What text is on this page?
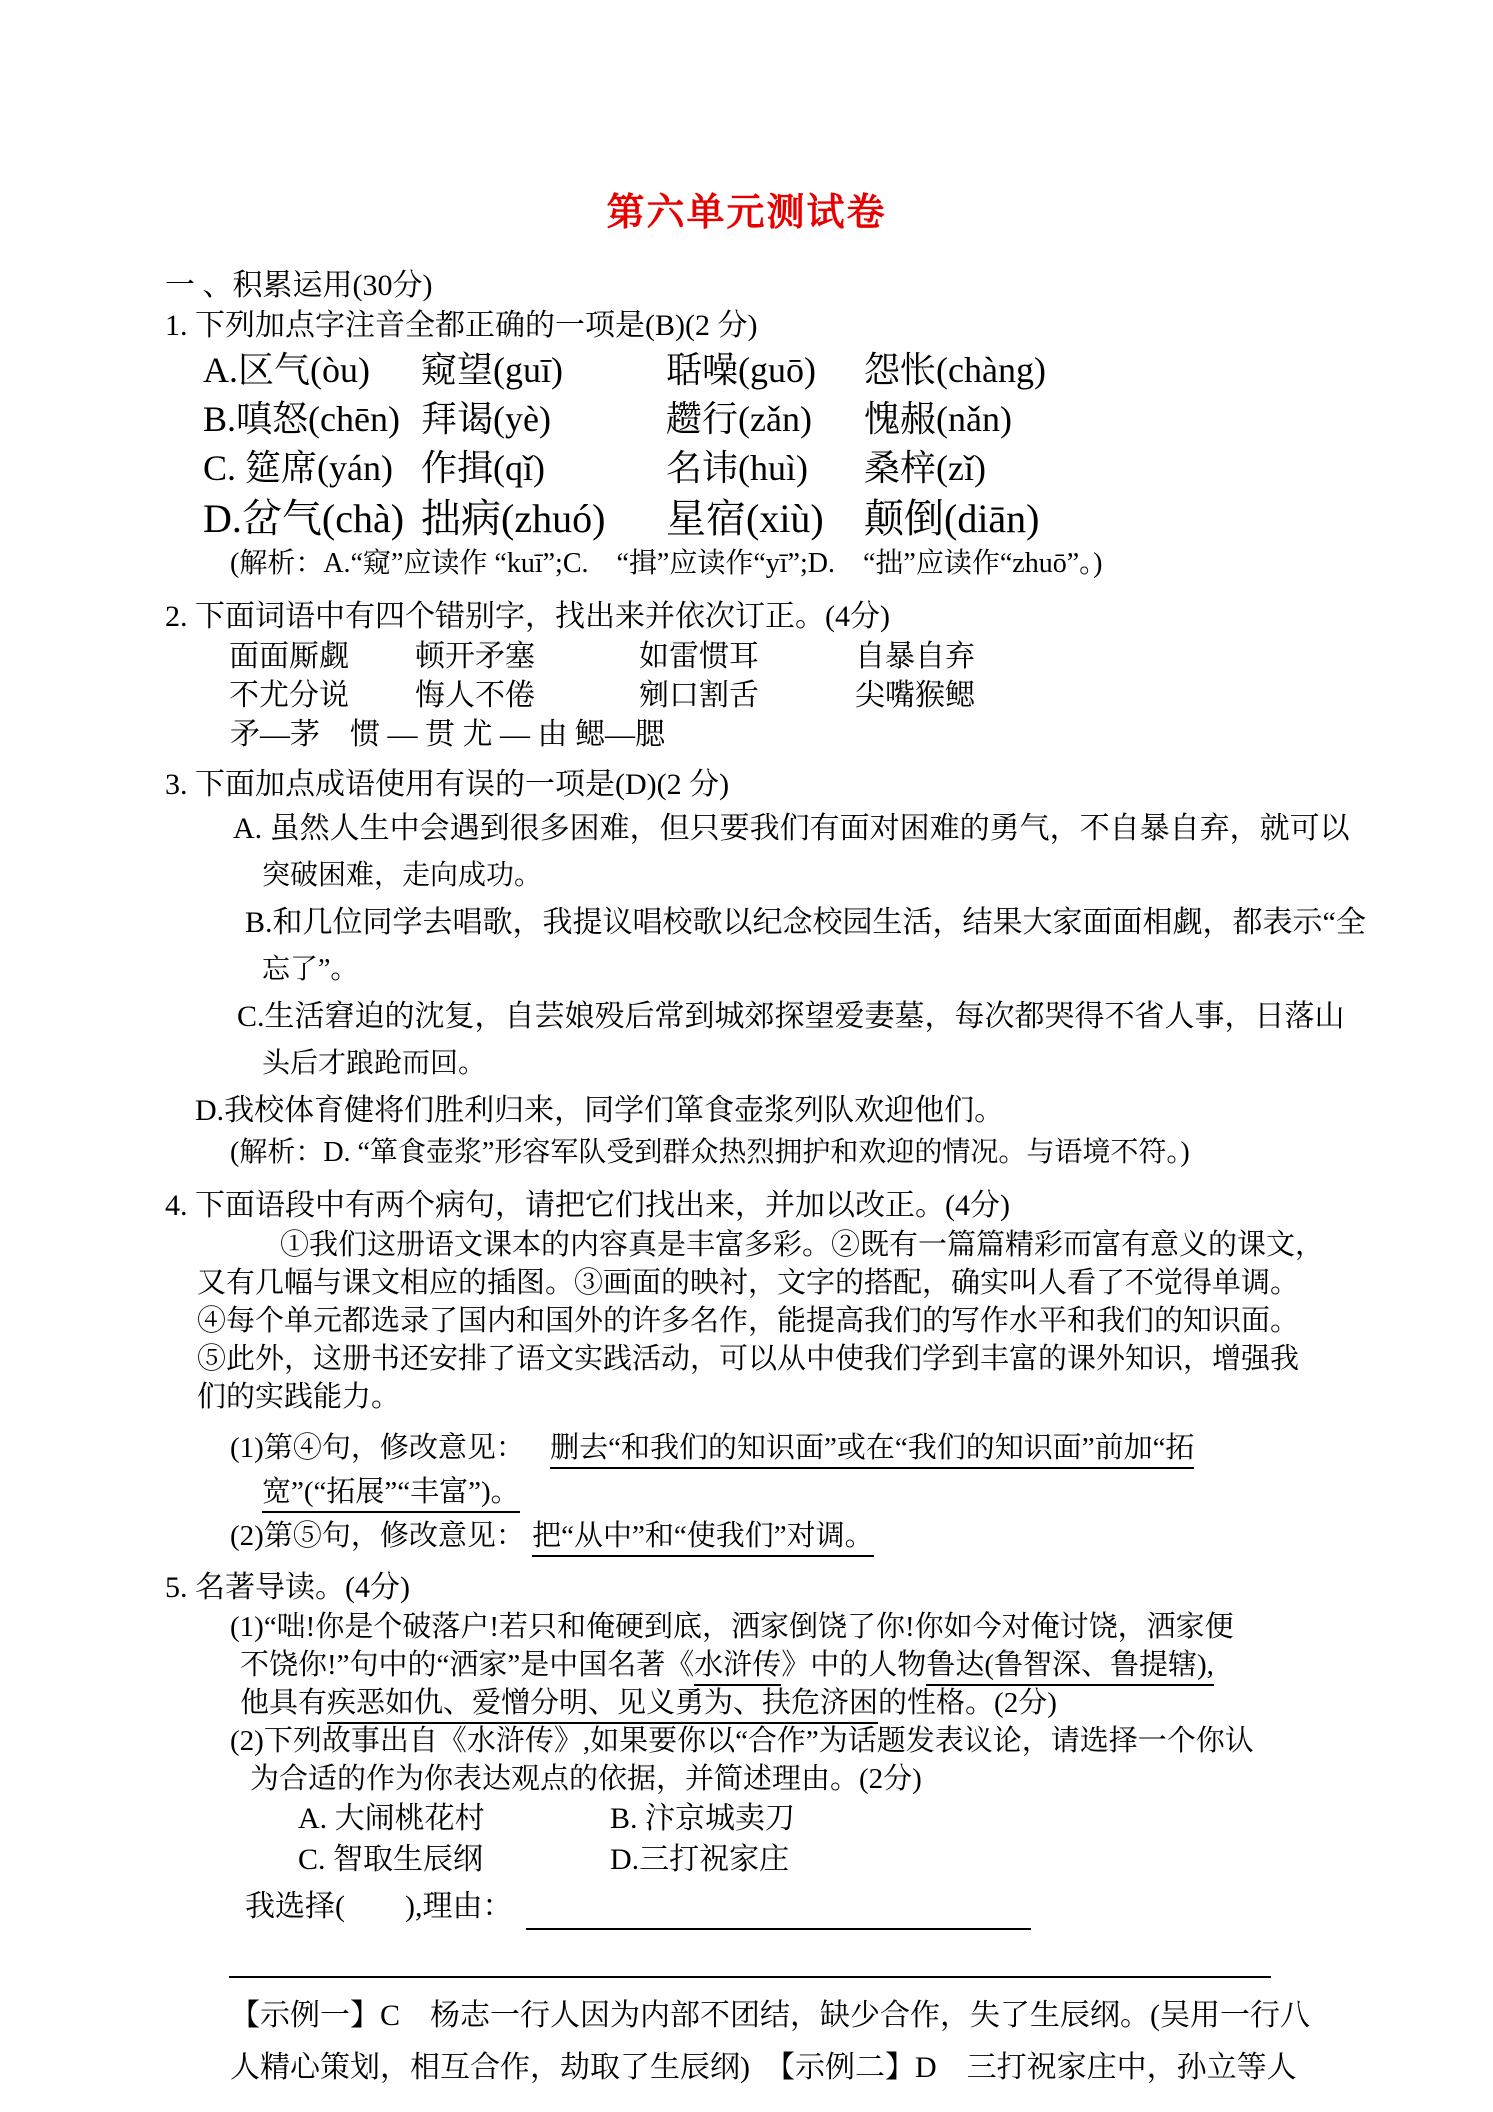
第六单元测试卷
一 、积累运用(30分)
1. 下列加点字注音全都正确的一项是(B)(2 分)
A.区气(òu)	窥望(guī)	聒噪(guō)	怨怅(chàng)
B.嗔怒(chēn) 拜谒(yè)	趱行(zǎn)	愧赧(nǎn)
C. 筵席(yán) 作揖(qǐ)	名讳(huì)	桑梓(zǐ)
D.岔气(chà) 拙病(zhuó)	星宿(xiù)	颠倒(diān)
(解析：A.“窥”应读作 “kuī”;C.　“揖”应读作“yī”;D.　“拙”应读作“zhuō”。)
2. 下面词语中有四个错别字，找出来并依次订正。(4分)
面面厮觑	顿开矛塞	如雷惯耳	自暴自弃
不尤分说	悔人不倦	剜口割舌	尖嘴猴鳃
矛—茅　惯 — 贯 尤 — 由 鳃—腮
3. 下面加点成语使用有误的一项是(D)(2 分)
A. 虽然人生中会遇到很多困难，但只要我们有面对困难的勇气，不自暴自弃，就可以
突破困难，走向成功。
B.和几位同学去唱歌，我提议唱校歌以纪念校园生活，结果大家面面相觑，都表示“全
忘了”。
C.生活窘迫的沈复，自芸娘殁后常到城郊探望爱妻墓，每次都哭得不省人事，日落山
头后才踉跄而回。
D.我校体育健将们胜利归来，同学们箪食壶浆列队欢迎他们。
(解析：D. “箪食壶浆”形容军队受到群众热烈拥护和欢迎的情况。与语境不符。)
4. 下面语段中有两个病句，请把它们找出来，并加以改正。(4分)
①我们这册语文课本的内容真是丰富多彩。②既有一篇篇精彩而富有意义的课文，
又有几幅与课文相应的插图。③画面的映衬，文字的搭配，确实叫人看了不觉得单调。
④每个单元都选录了国内和国外的许多名作，能提高我们的写作水平和我们的知识面。
⑤此外，这册书还安排了语文实践活动，可以从中使我们学到丰富的课外知识，增强我
们的实践能力。
(1)第④句，修改意见： 删去“和我们的知识面”或在“我们的知识面”前加“拓
宽”(“拓展”“丰富”)。
(2)第⑤句，修改意见： 把“从中”和“使我们”对调。
5. 名著导读。(4分)
(1)“咄!你是个破落户!若只和俺硬到底，洒家倒饶了你!你如今对俺讨饶，洒家便
不饶你!”句中的“洒家”是中国名著《水浒传》中的人物鲁达(鲁智深、鲁提辖),
他具有疾恶如仇、爱憎分明、见义勇为、扶危济困的性格。(2分)
(2)下列故事出自《水浒传》,如果要你以“合作”为话题发表议论，请选择一个你认
为合适的作为你表达观点的依据，并简述理由。(2分)
A. 大闹桃花村	B. 汴京城卖刀
C. 智取生辰纲	D.三打祝家庄
我选择(　　),理由：
【示例一】C　杨志一行人因为内部不团结，缺少合作，失了生辰纲。(吴用一行八
人精心策划，相互合作，劫取了生辰纲)　【示例二】D　三打祝家庄中，孙立等人
